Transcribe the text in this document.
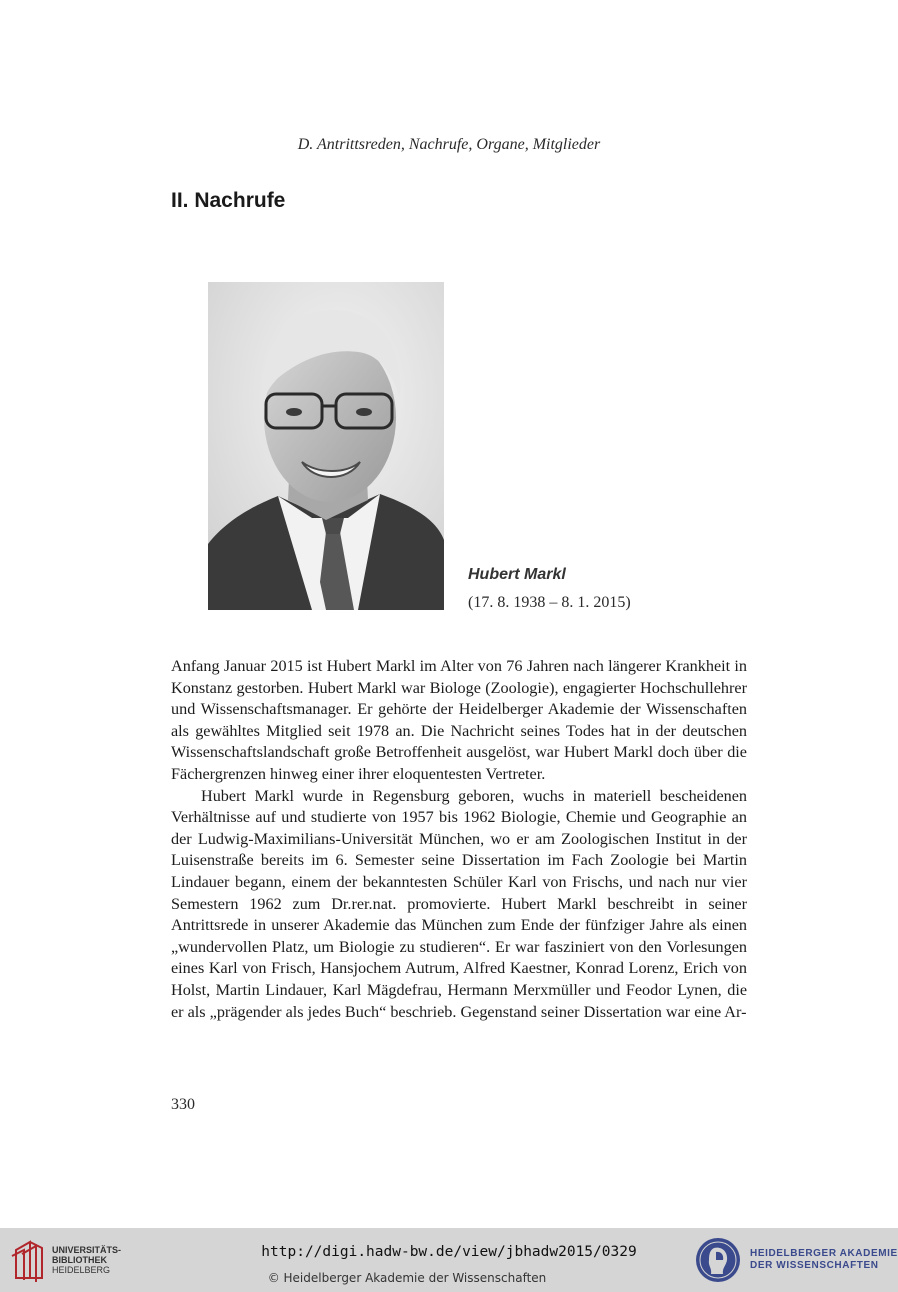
D. Antrittsreden, Nachrufe, Organe, Mitglieder
II. Nachrufe
Hubert Markl
(17. 8. 1938 – 8. 1. 2015)

Anfang Januar 2015 ist Hubert Markl im Alter von 76 Jahren nach längerer Krankheit in Konstanz gestorben. Hubert Markl war Biologe (Zoologie), engagierter Hochschullehrer und Wissenschaftsmanager. Er gehörte der Heidelberger Akademie der Wissenschaften als gewähltes Mitglied seit 1978 an. Die Nachricht seines Todes hat in der deutschen Wissenschaftslandschaft große Betroffenheit ausgelöst, war Hubert Markl doch über die Fächergrenzen hinweg einer ihrer eloquentesten Vertreter.

Hubert Markl wurde in Regensburg geboren, wuchs in materiell bescheidenen Verhältnisse auf und studierte von 1957 bis 1962 Biologie, Chemie und Geographie an der Ludwig-Maximilians-Universität München, wo er am Zoologischen Institut in der Luisenstraße bereits im 6. Semester seine Dissertation im Fach Zoologie bei Martin Lindauer begann, einem der bekanntesten Schüler Karl von Frischs, und nach nur vier Semestern 1962 zum Dr.rer.nat. promovierte. Hubert Markl beschreibt in seiner Antrittsrede in unserer Akademie das München zum Ende der fünfziger Jahre als einen „wundervollen Platz, um Biologie zu studieren“. Er war fasziniert von den Vorlesungen eines Karl von Frisch, Hansjochem Autrum, Alfred Kaestner, Konrad Lorenz, Erich von Holst, Martin Lindauer, Karl Mägdefrau, Hermann Merxmüller und Feodor Lynen, die er als „prägender als jedes Buch“ beschrieb. Gegenstand seiner Dissertation war eine Ar-

330
UNIVERSITÄTS-
BIBLIOTHEK
HEIDELBERG
http://digi.hadw-bw.de/view/jbhadw2015/0329
© Heidelberger Akademie der Wissenschaften
HEIDELBERGER AKADEMIE
DER WISSENSCHAFTEN
